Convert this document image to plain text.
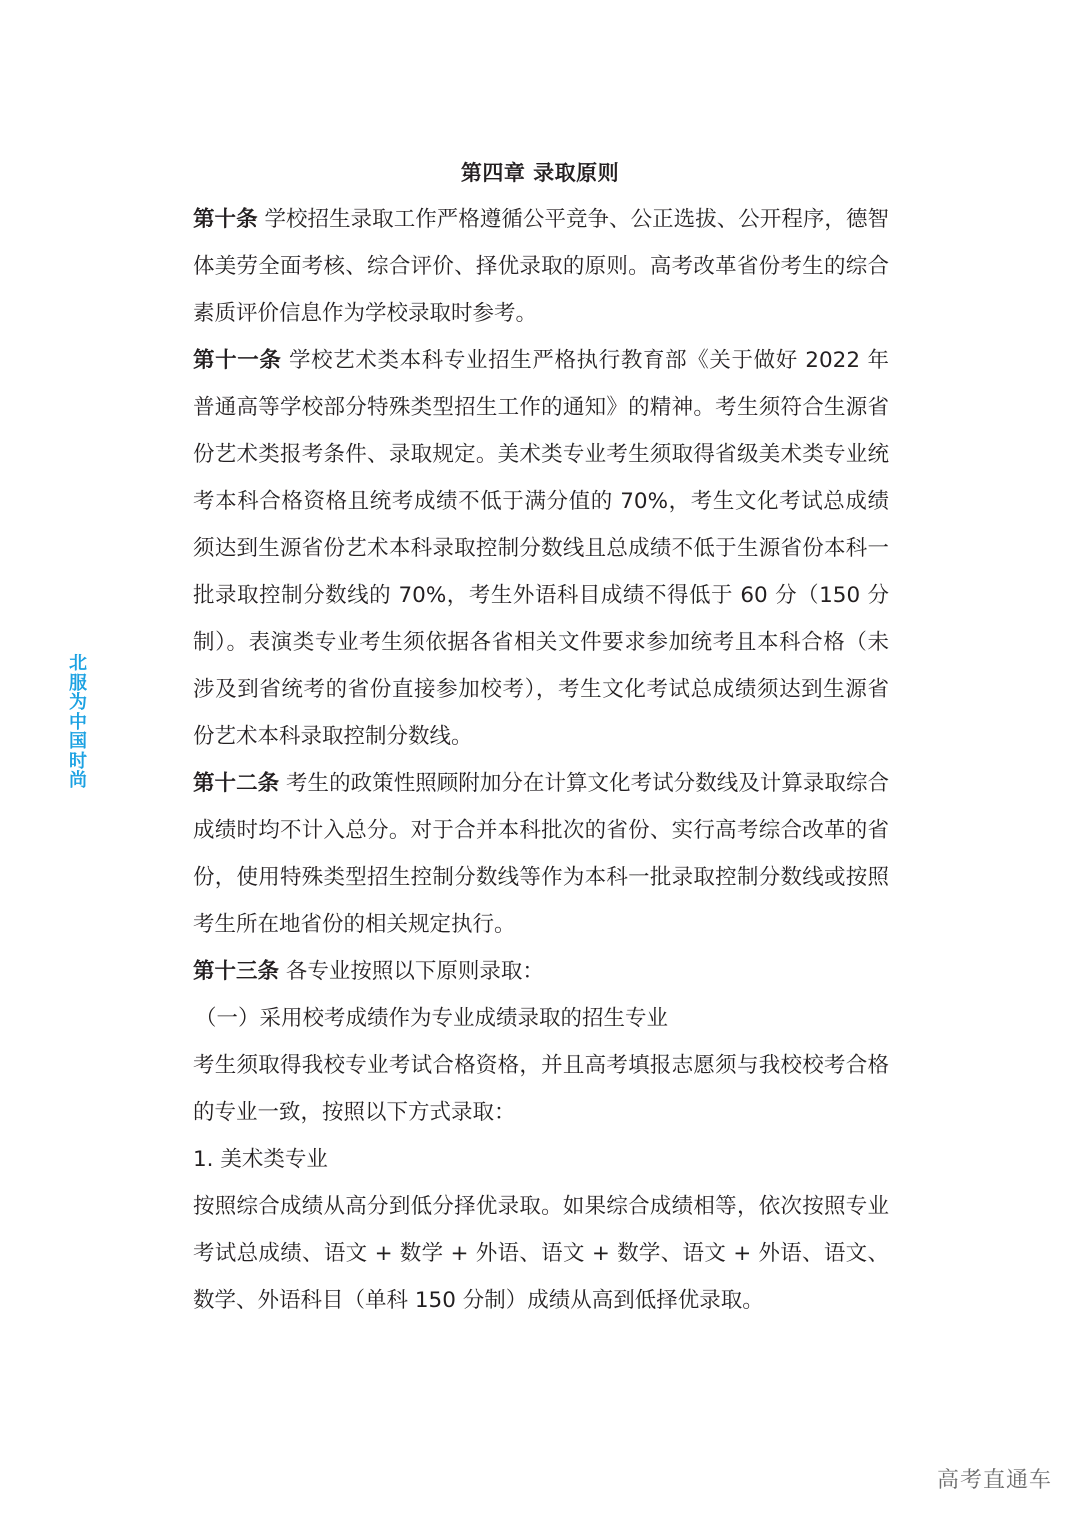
第四章 录取原则

第十条 学校招生录取工作严格遵循公平竞争、公正选拔、公开程序，德智体美劳全面考核、综合评价、择优录取的原则。高考改革省份考生的综合素质评价信息作为学校录取时参考。

第十一条 学校艺术类本科专业招生严格执行教育部《关于做好 2022 年普通高等学校部分特殊类型招生工作的通知》的精神。考生须符合生源省份艺术类报考条件、录取规定。美术类专业考生须取得省级美术类专业统考本科合格资格且统考成绩不低于满分值的 70%，考生文化考试总成绩须达到生源省份艺术本科录取控制分数线且总成绩不低于生源省份本科一批录取控制分数线的 70%，考生外语科目成绩不得低于 60 分（150 分制）。表演类专业考生须依据各省相关文件要求参加统考且本科合格（未涉及到省统考的省份直接参加校考），考生文化考试总成绩须达到生源省份艺术本科录取控制分数线。

第十二条 考生的政策性照顾附加分在计算文化考试分数线及计算录取综合成绩时均不计入总分。对于合并本科批次的省份、实行高考综合改革的省份，使用特殊类型招生控制分数线等作为本科一批录取控制分数线或按照考生所在地省份的相关规定执行。

第十三条 各专业按照以下原则录取：

（一）采用校考成绩作为专业成绩录取的招生专业

考生须取得我校专业考试合格资格，并且高考填报志愿须与我校校考合格的专业一致，按照以下方式录取：

1. 美术类专业

按照综合成绩从高分到低分择优录取。如果综合成绩相等，依次按照专业考试总成绩、语文 + 数学 + 外语、语文 + 数学、语文 + 外语、语文、数学、外语科目（单科 150 分制）成绩从高到低择优录取。

北服为中国时尚
高考直通车
